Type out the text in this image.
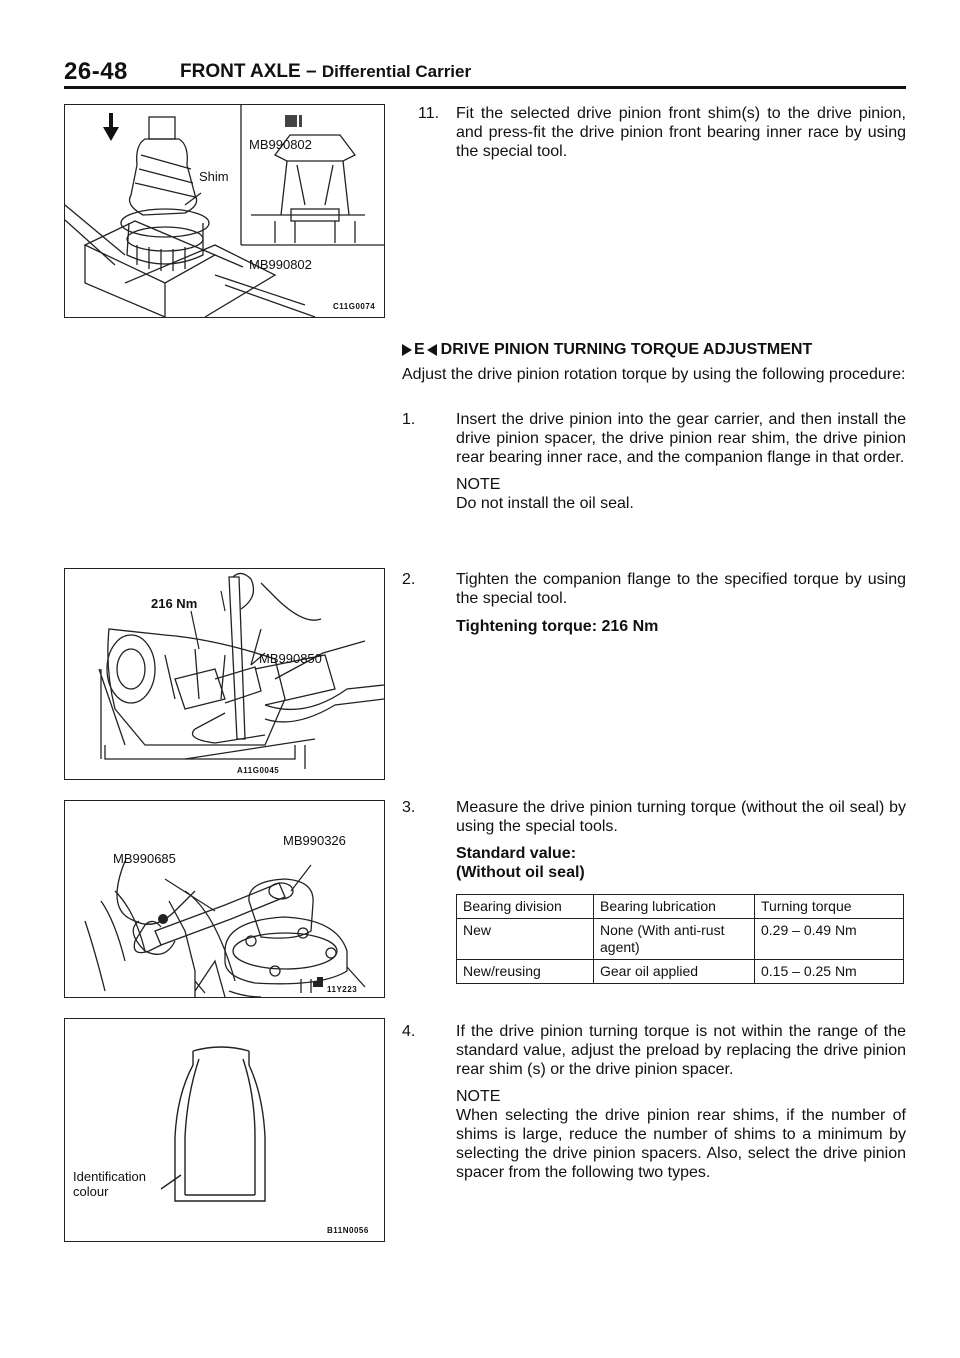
26-48	FRONT AXLE – Differential Carrier
MB990802
Shim
MB990802
C11G0074
216 Nm
MB990850
A11G0045
MB990685
MB990326
11Y223
Identification
colour
B11N0056
11. Fit the selected drive pinion front shim(s) to the drive pinion, and press-fit the drive pinion front bearing inner race by using the special tool.

E DRIVE PINION TURNING TORQUE ADJUSTMENT

Adjust the drive pinion rotation torque by using the following procedure:

1.	Insert the drive pinion into the gear carrier, and then install the drive pinion spacer, the drive pinion rear shim, the drive pinion rear bearing inner race, and the companion flange in that order.

NOTE

Do not install the oil seal.

2.	Tighten the companion flange to the specified torque by using the special tool.

Tightening torque: 216 Nm

3.	Measure the drive pinion turning torque (without the oil seal) by using the special tools.

Standard value:

(Without oil seal)

Bearing division	Bearing lubrication	Turning torque
New	None (With anti-rust agent)	0.29 – 0.49 Nm
New/reusing	Gear oil applied	0.15 – 0.25 Nm
4.	If the drive pinion turning torque is not within the range of the standard value, adjust the preload by replacing the drive pinion rear shim (s) or the drive pinion spacer.

NOTE

When selecting the drive pinion rear shims, if the number of shims is large, reduce the number of shims to a minimum by selecting the drive pinion spacers. Also, select the drive pinion spacer from the following two types.
